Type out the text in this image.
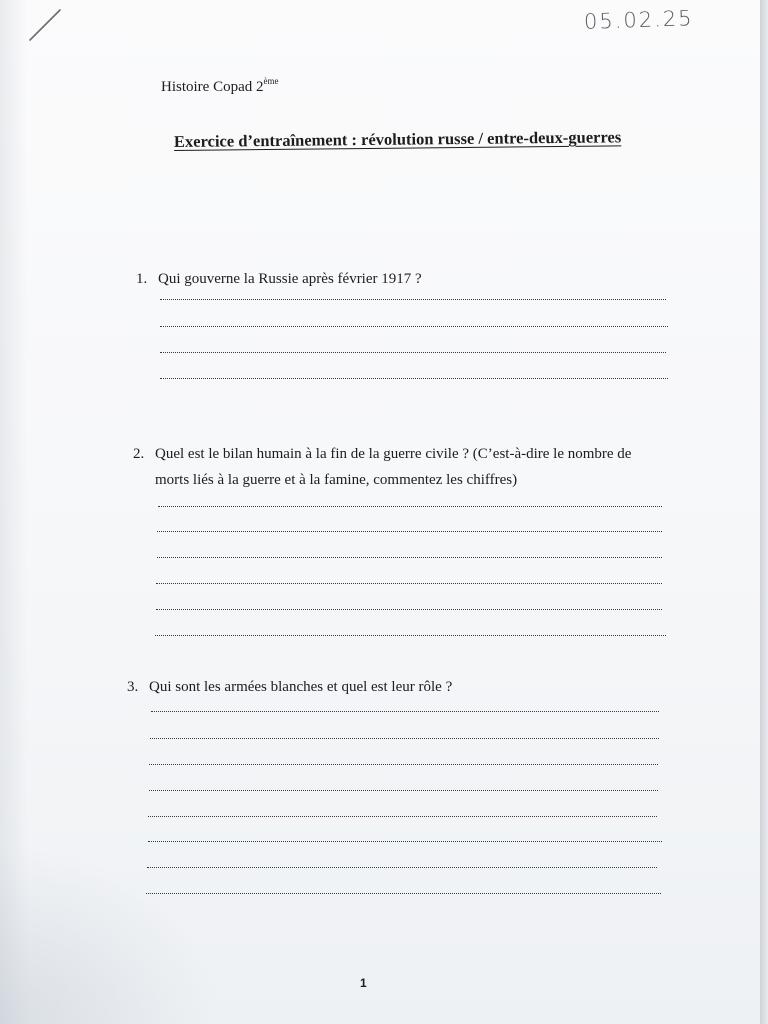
05.02.25
Histoire Copad 2ème
Exercice d’entraînement : révolution russe / entre-deux-guerres
1. Qui gouverne la Russie après février 1917 ?
2. Quel est le bilan humain à la fin de la guerre civile ? (C’est-à-dire le nombre de
morts liés à la guerre et à la famine, commentez les chiffres)
3. Qui sont les armées blanches et quel est leur rôle ?
1
